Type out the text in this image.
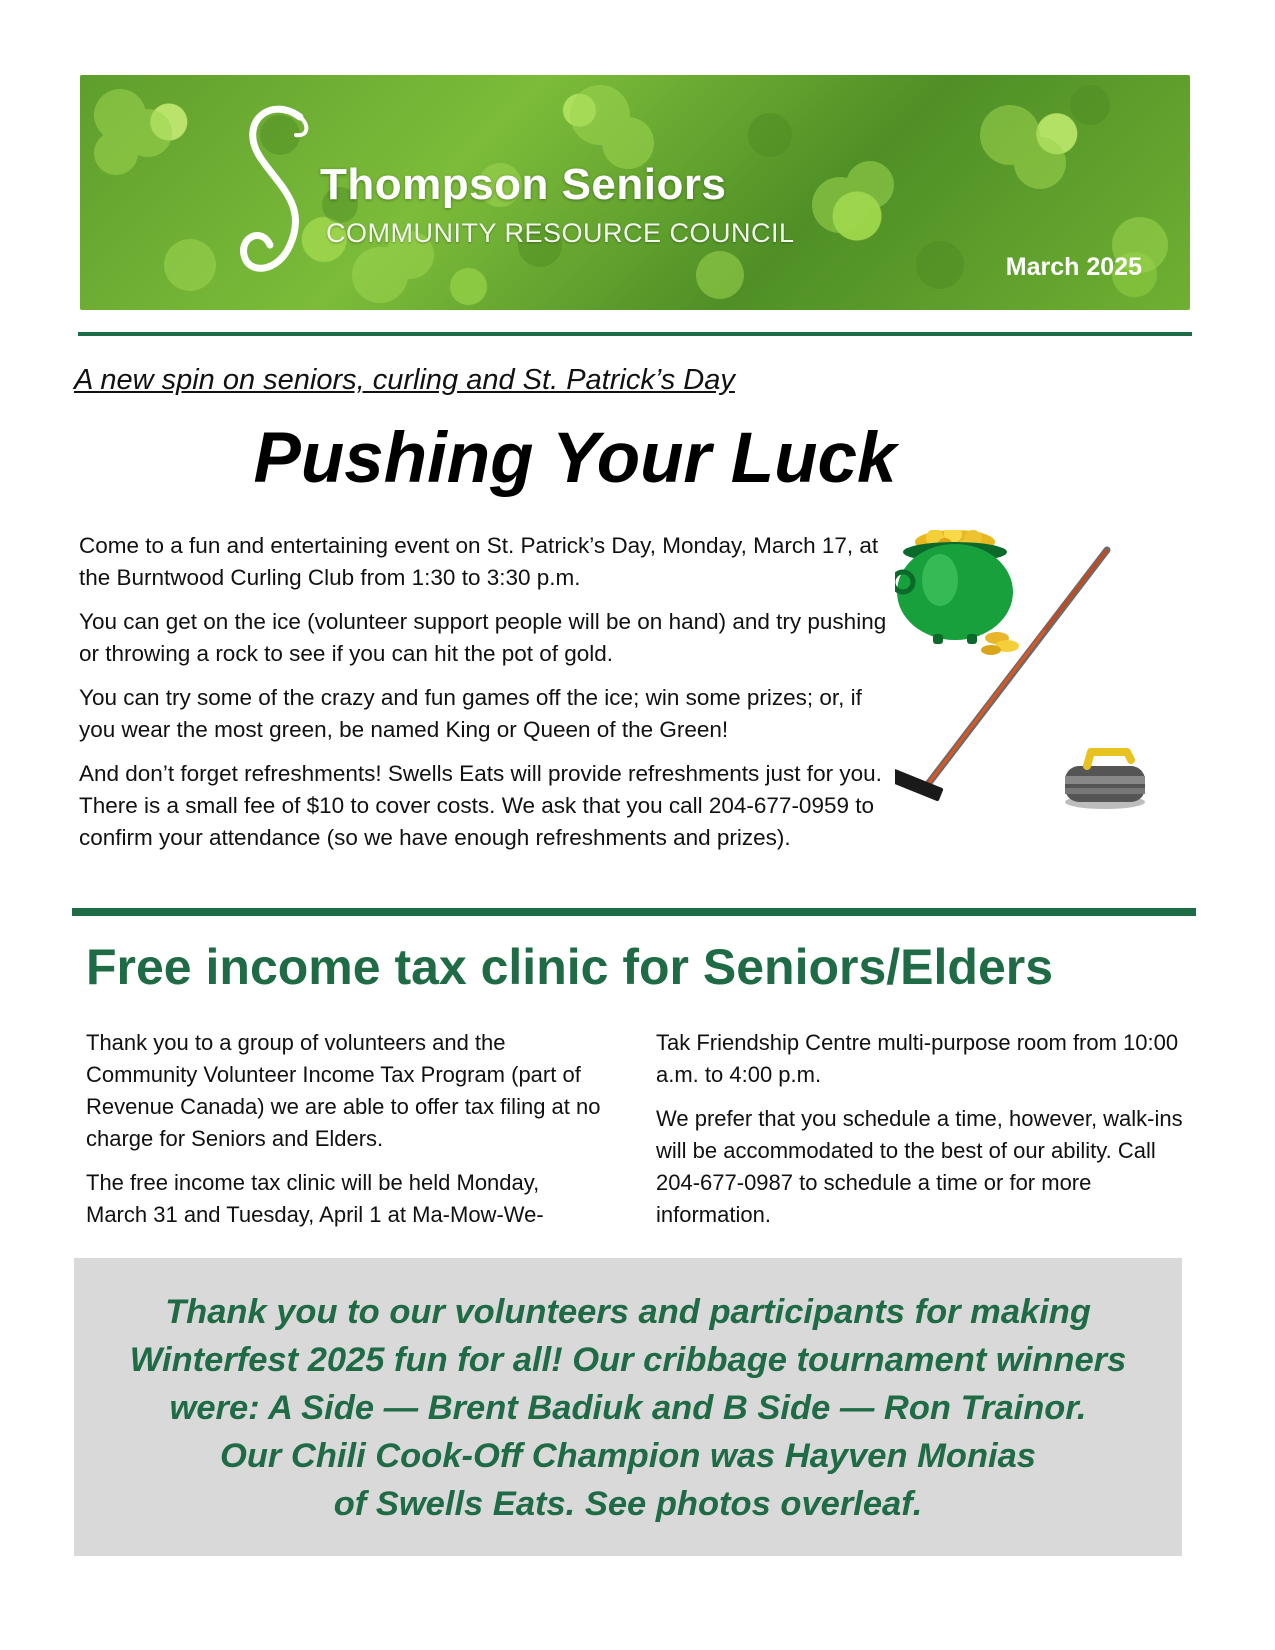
Thompson Seniors
COMMUNITY RESOURCE COUNCIL
March 2025
A new spin on seniors, curling and St. Patrick’s Day
Pushing Your Luck

Come to a fun and entertaining event on St. Patrick’s Day, Monday, March 17, at the Burntwood Curling Club from 1:30 to 3:30 p.m.

You can get on the ice (volunteer support people will be on hand) and try pushing or throwing a rock to see if you can hit the pot of gold.

You can try some of the crazy and fun games off the ice; win some prizes; or, if you wear the most green, be named King or Queen of the Green!

And don’t forget refreshments! Swells Eats will provide refreshments just for you. There is a small fee of $10 to cover costs. We ask that you call 204-677-0959 to confirm your attendance (so we have enough refreshments and prizes).

Free income tax clinic for Seniors/Elders

Thank you to a group of volunteers and the Community Volunteer Income Tax Program (part of Revenue Canada) we are able to offer tax filing at no charge for Seniors and Elders.

The free income tax clinic will be held Monday, March 31 and Tuesday, April 1 at Ma-Mow-We-

Tak Friendship Centre multi-purpose room from 10:00 a.m. to 4:00 p.m.

We prefer that you schedule a time, however, walk-ins will be accommodated to the best of our ability. Call 204-677-0987 to schedule a time or for more information.

Thank you to our volunteers and participants for making
Winterfest 2025 fun for all! Our cribbage tournament winners
were: A Side — Brent Badiuk and B Side — Ron Trainor.
Our Chili Cook-Off Champion was Hayven Monias
of Swells Eats. See photos overleaf.
